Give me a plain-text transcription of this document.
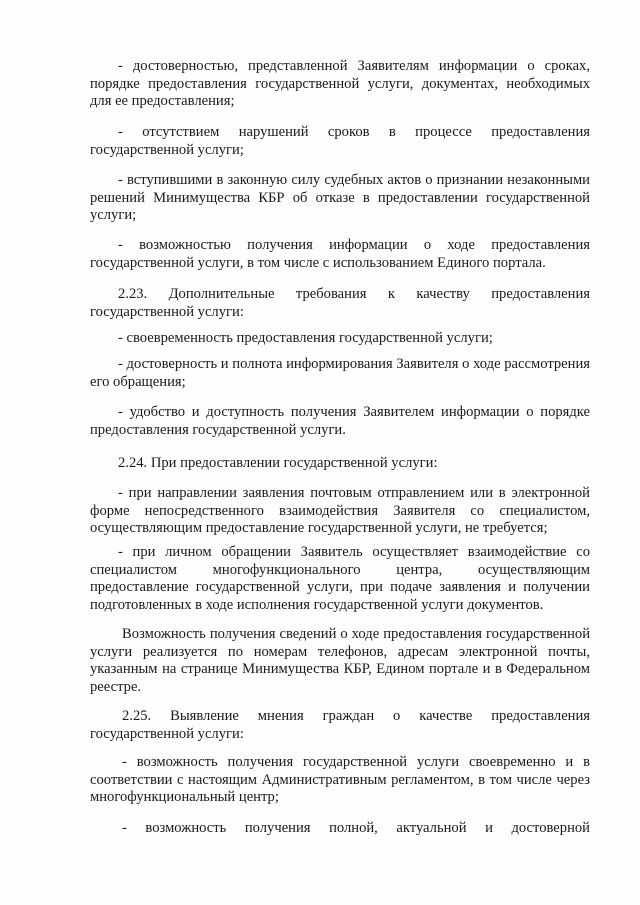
- достоверностью, представленной Заявителям информации о сроках, порядке предоставления государственной услуги, документах, необходимых для ее предоставления;

- отсутствием нарушений сроков в процессе предоставления государственной услуги;

- вступившими в законную силу судебных актов о признании незаконными решений Минимущества КБР об отказе в предоставлении государственной услуги;

- возможностью получения информации о ходе предоставления государственной услуги, в том числе с использованием Единого портала.

2.23. Дополнительные требования к качеству предоставления государственной услуги:

- своевременность предоставления государственной услуги;

- достоверность и полнота информирования Заявителя о ходе рассмотрения его обращения;

- удобство и доступность получения Заявителем информации о порядке предоставления государственной услуги.

2.24. При предоставлении государственной услуги:

- при направлении заявления почтовым отправлением или в электронной форме непосредственного взаимодействия Заявителя со специалистом, осуществляющим предоставление государственной услуги, не требуется;

- при личном обращении Заявитель осуществляет взаимодействие со специалистом многофункционального центра, осуществляющим предоставление государственной услуги, при подаче заявления и получении подготовленных в ходе исполнения государственной услуги документов.

Возможность получения сведений о ходе предоставления государственной услуги реализуется по номерам телефонов, адресам электронной почты, указанным на странице Минимущества КБР, Едином портале и в Федеральном реестре.

2.25. Выявление мнения граждан о качестве предоставления государственной услуги:

- возможность получения государственной услуги своевременно и в соответствии с настоящим Административным регламентом, в том числе через многофункциональный центр;

- возможность получения полной, актуальной и достоверной
